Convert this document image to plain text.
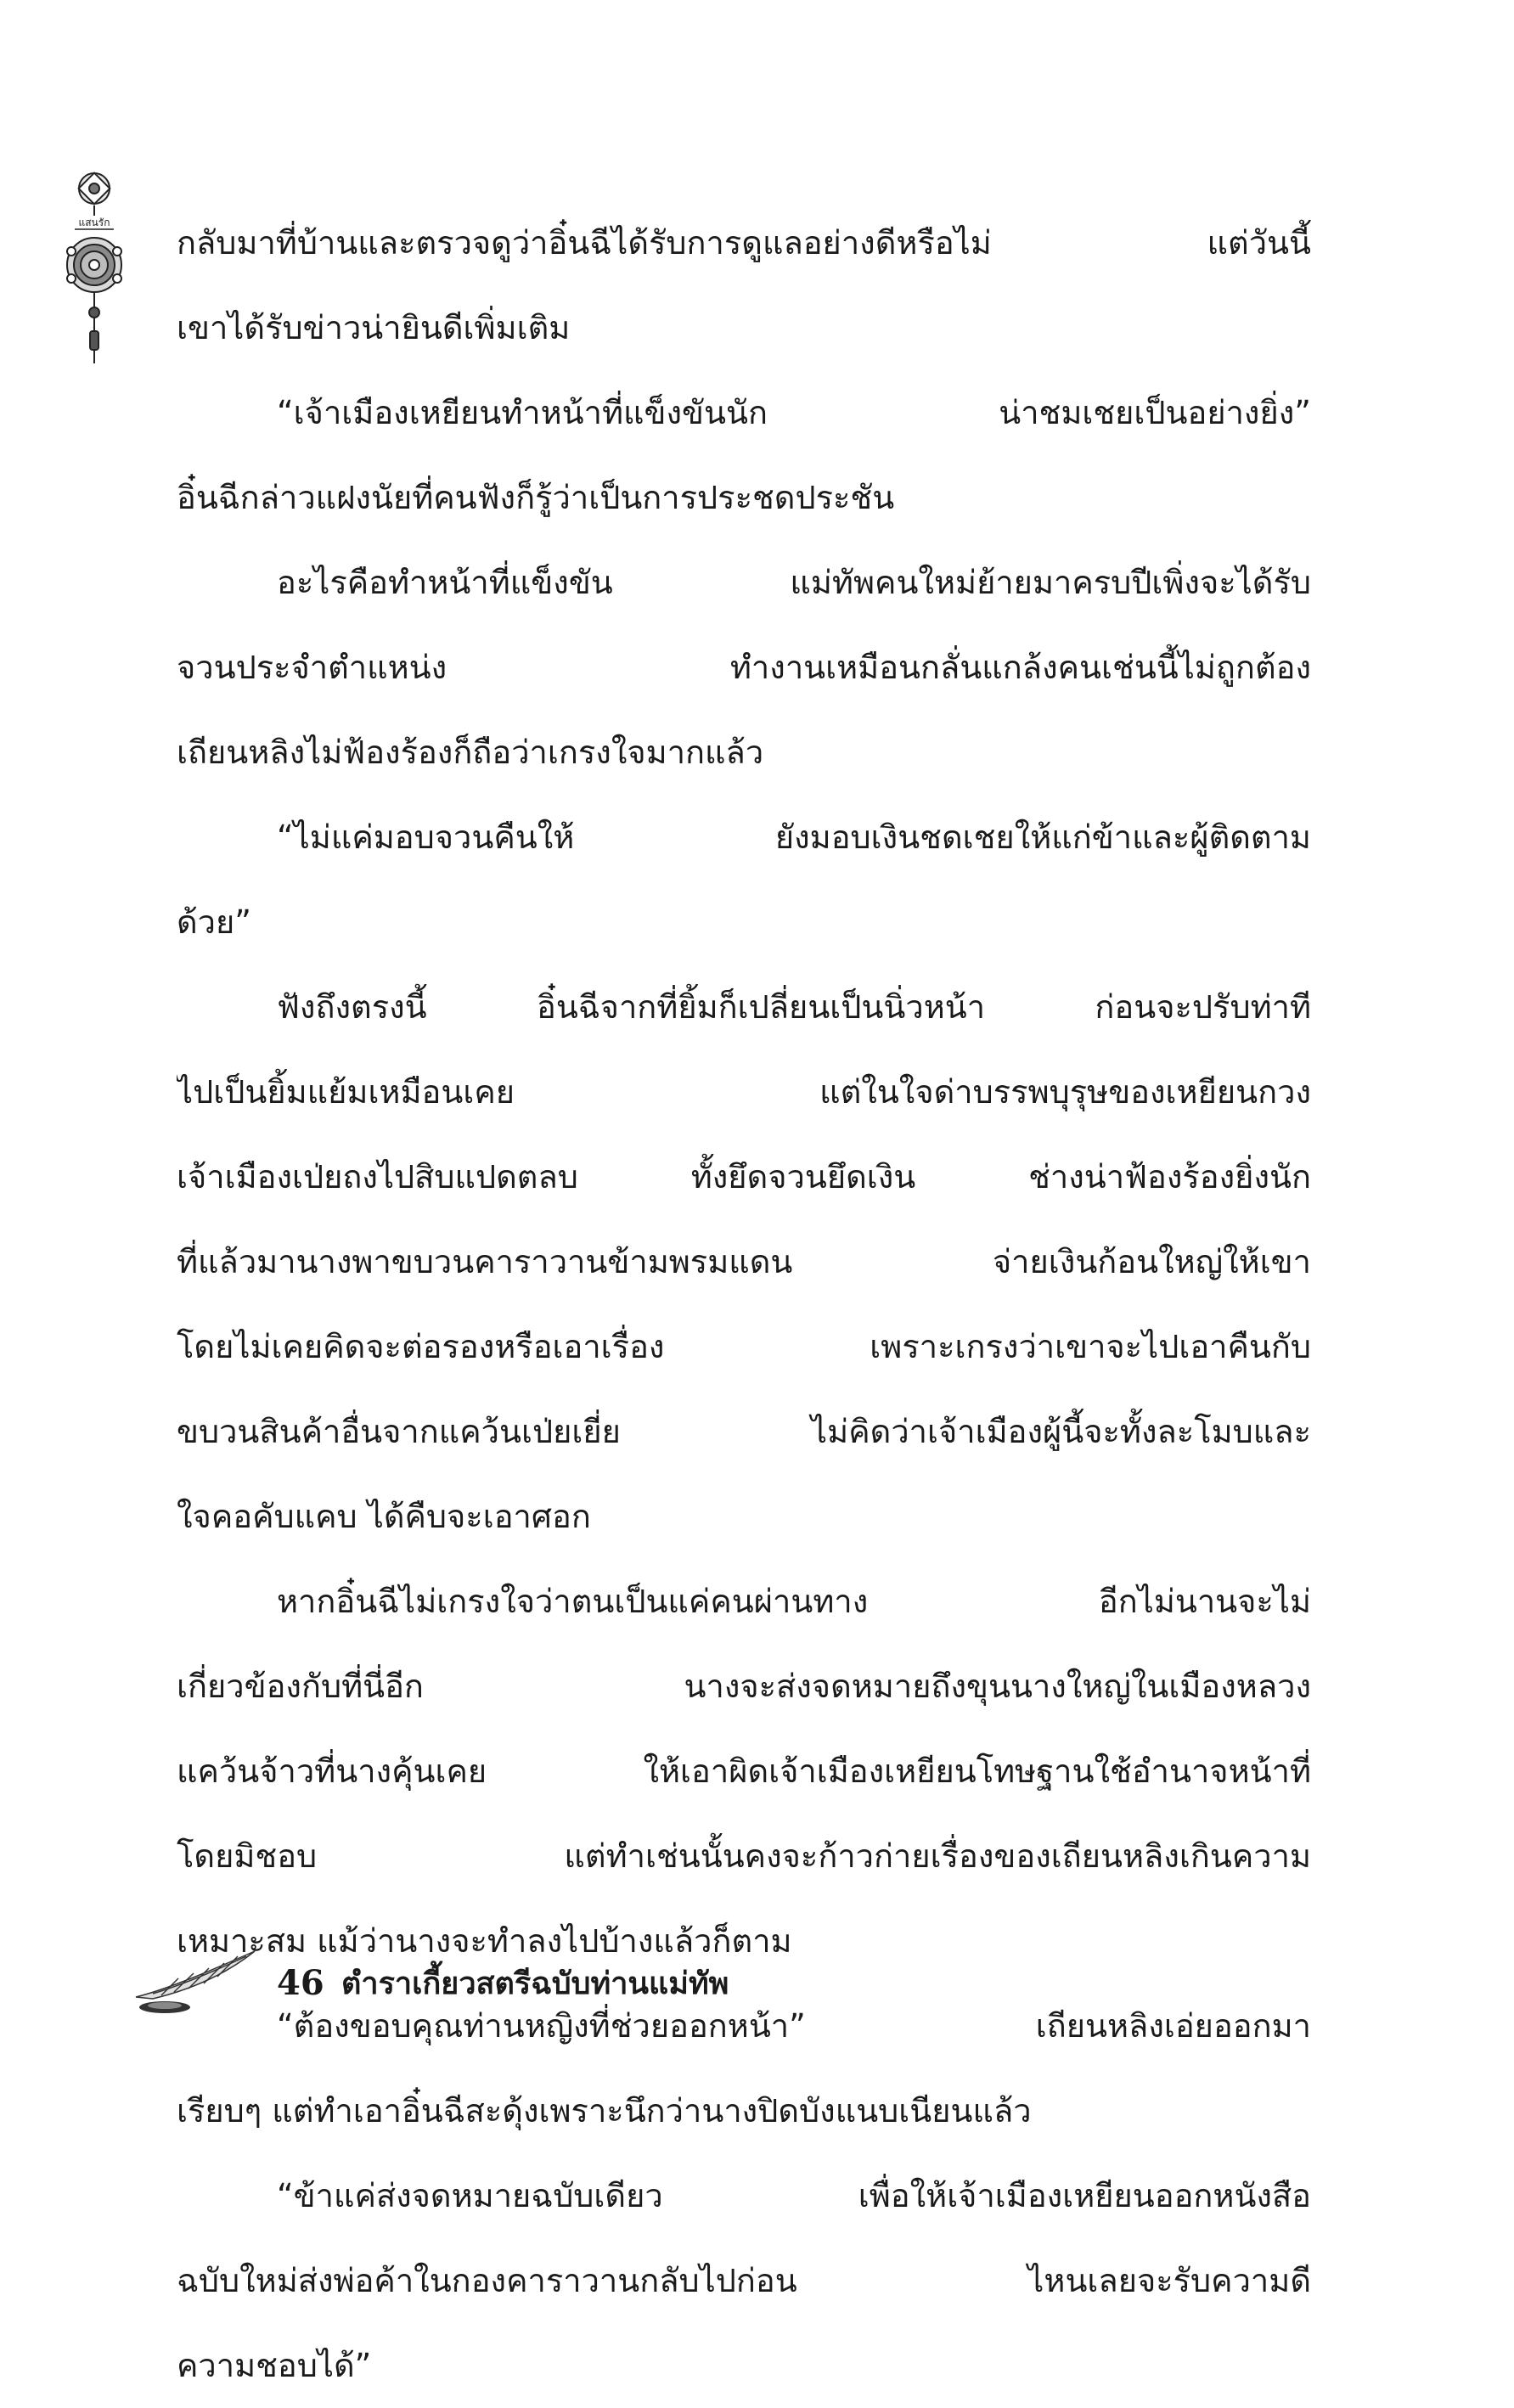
แสนรัก
กลับมาที่บ้านและตรวจดูว่าอิ๋นฉีได้รับการดูแลอย่างดีหรือไม่ แต่วันนี้
เขาได้รับข่าวน่ายินดีเพิ่มเติม
“เจ้าเมืองเหยียนทำหน้าที่แข็งขันนัก น่าชมเชยเป็นอย่างยิ่ง”
อิ๋นฉีกล่าวแฝงนัยที่คนฟังก็รู้ว่าเป็นการประชดประชัน
อะไรคือทำหน้าที่แข็งขัน แม่ทัพคนใหม่ย้ายมาครบปีเพิ่งจะได้รับ
จวนประจำตำแหน่ง ทำงานเหมือนกลั่นแกล้งคนเช่นนี้ไม่ถูกต้อง
เถียนหลิงไม่ฟ้องร้องก็ถือว่าเกรงใจมากแล้ว
“ไม่แค่มอบจวนคืนให้ ยังมอบเงินชดเชยให้แก่ข้าและผู้ติดตาม
ด้วย”
ฟังถึงตรงนี้ อิ๋นฉีจากที่ยิ้มก็เปลี่ยนเป็นนิ่วหน้า ก่อนจะปรับท่าที
ไปเป็นยิ้มแย้มเหมือนเคย แต่ในใจด่าบรรพบุรุษของเหยียนกวง
เจ้าเมืองเป่ยถงไปสิบแปดตลบ ทั้งยึดจวนยึดเงิน ช่างน่าฟ้องร้องยิ่งนัก
ที่แล้วมานางพาขบวนคาราวานข้ามพรมแดน จ่ายเงินก้อนใหญ่ให้เขา
โดยไม่เคยคิดจะต่อรองหรือเอาเรื่อง เพราะเกรงว่าเขาจะไปเอาคืนกับ
ขบวนสินค้าอื่นจากแคว้นเป่ยเยี่ย ไม่คิดว่าเจ้าเมืองผู้นี้จะทั้งละโมบและ
ใจคอคับแคบ ได้คืบจะเอาศอก
หากอิ๋นฉีไม่เกรงใจว่าตนเป็นแค่คนผ่านทาง อีกไม่นานจะไม่
เกี่ยวข้องกับที่นี่อีก นางจะส่งจดหมายถึงขุนนางใหญ่ในเมืองหลวง
แคว้นจ้าวที่นางคุ้นเคย ให้เอาผิดเจ้าเมืองเหยียนโทษฐานใช้อำนาจหน้าที่
โดยมิชอบ แต่ทำเช่นนั้นคงจะก้าวก่ายเรื่องของเถียนหลิงเกินความ
เหมาะสม แม้ว่านางจะทำลงไปบ้างแล้วก็ตาม
“ต้องขอบคุณท่านหญิงที่ช่วยออกหน้า” เถียนหลิงเอ่ยออกมา
เรียบๆ แต่ทำเอาอิ๋นฉีสะดุ้งเพราะนึกว่านางปิดบังแนบเนียนแล้ว
“ข้าแค่ส่งจดหมายฉบับเดียว เพื่อให้เจ้าเมืองเหยียนออกหนังสือ
ฉบับใหม่ส่งพ่อค้าในกองคาราวานกลับไปก่อน ไหนเลยจะรับความดี
ความชอบได้”
46 ตำราเกี้ยวสตรีฉบับท่านแม่ทัพ
